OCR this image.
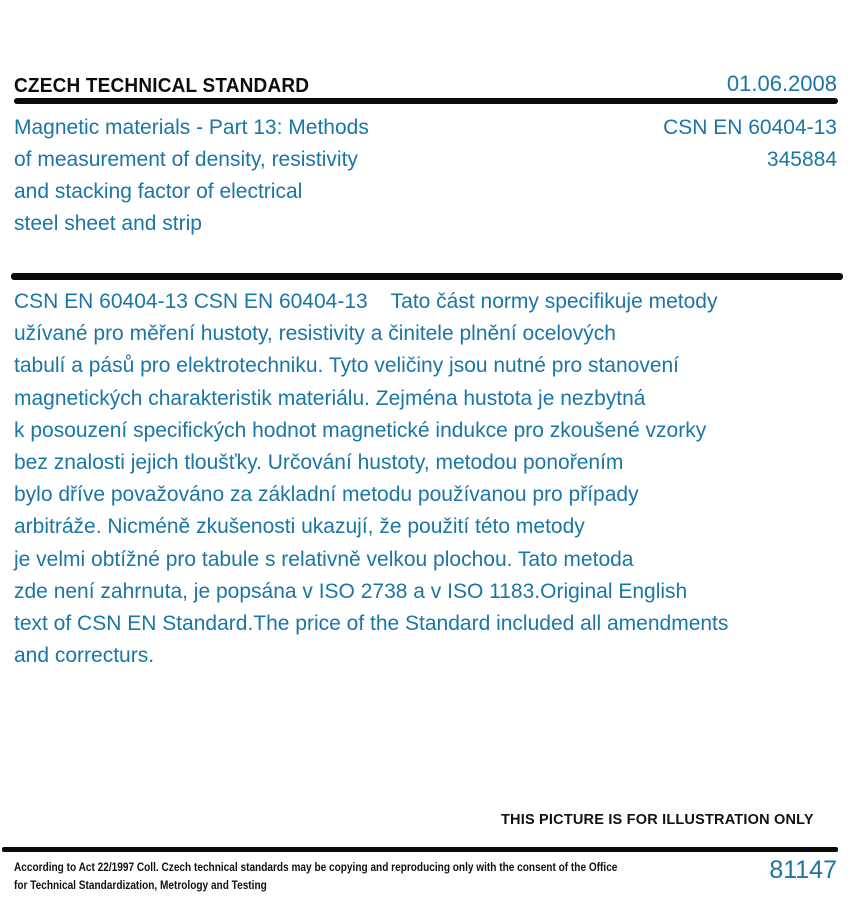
CZECH TECHNICAL STANDARD	01.06.2008
Magnetic materials - Part 13: Methods
of measurement of density, resistivity
and stacking factor of electrical
steel sheet and strip
CSN EN 60404-13
345884
CSN EN 60404-13 CSN EN 60404-13    Tato část normy specifikuje metody
užívané pro měření hustoty, resistivity a činitele plnění ocelových
tabulí a pásů pro elektrotechniku. Tyto veličiny jsou nutné pro stanovení
magnetických charakteristik materiálu. Zejména hustota je nezbytná
k posouzení specifických hodnot magnetické indukce pro zkoušené vzorky
bez znalosti jejich tloušťky. Určování hustoty, metodou ponořením
bylo dříve považováno za základní metodu používanou pro případy
arbitráže. Nicméně zkušenosti ukazují, že použití této metody
je velmi obtížné pro tabule s relativně velkou plochou. Tato metoda
zde není zahrnuta, je popsána v ISO 2738 a v ISO 1183.Original English
text of CSN EN Standard.The price of the Standard included all amendments
and correcturs.
THIS PICTURE IS FOR ILLUSTRATION ONLY
According to Act 22/1997 Coll. Czech technical standards may be copying and reproducing only with the consent of the Office
for Technical Standardization, Metrology and Testing
81147
